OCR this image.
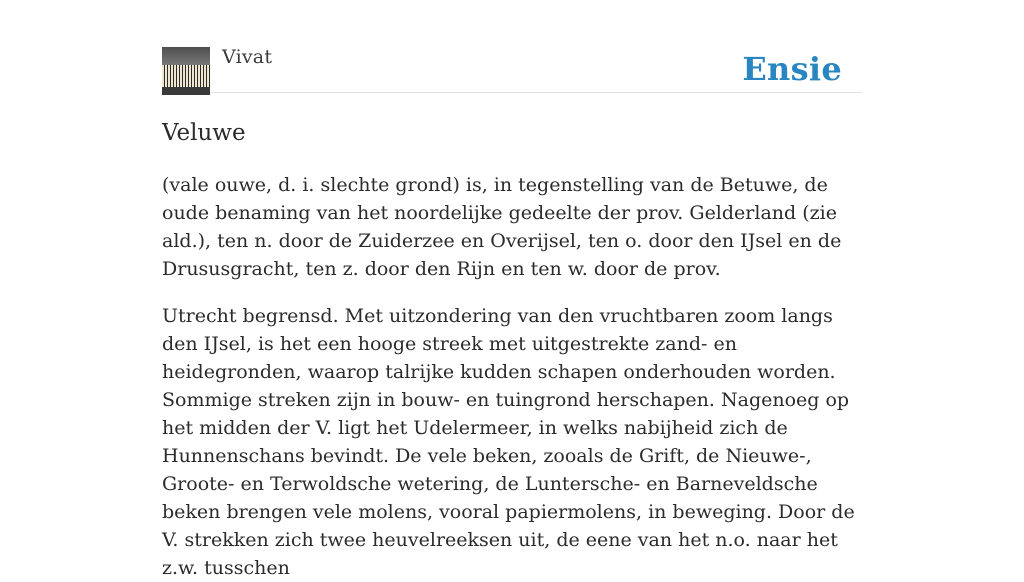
Vivat	Ensie
Veluwe

(vale ouwe, d. i. slechte grond) is, in tegenstelling van de Betuwe, de oude benaming van het noordelijke gedeelte der prov. Gelderland (zie ald.), ten n. door de Zuiderzee en Overijsel, ten o. door den IJsel en de Drususgracht, ten z. door den Rijn en ten w. door de prov.

Utrecht begrensd. Met uitzondering van den vruchtbaren zoom langs den IJsel, is het een hooge streek met uitgestrekte zand- en heidegronden, waarop talrijke kudden schapen onderhouden worden. Sommige streken zijn in bouw- en tuingrond herschapen. Nagenoeg op het midden der V. ligt het Udelermeer, in welks nabijheid zich de Hunnenschans bevindt. De vele beken, zooals de Grift, de Nieuwe-, Groote- en Terwoldsche wetering, de Luntersche- en Barneveldsche beken brengen vele molens, vooral papiermolens, in beweging. Door de V. strekken zich twee heuvelreeksen uit, de eene van het n.o. naar het z.w. tusschen
